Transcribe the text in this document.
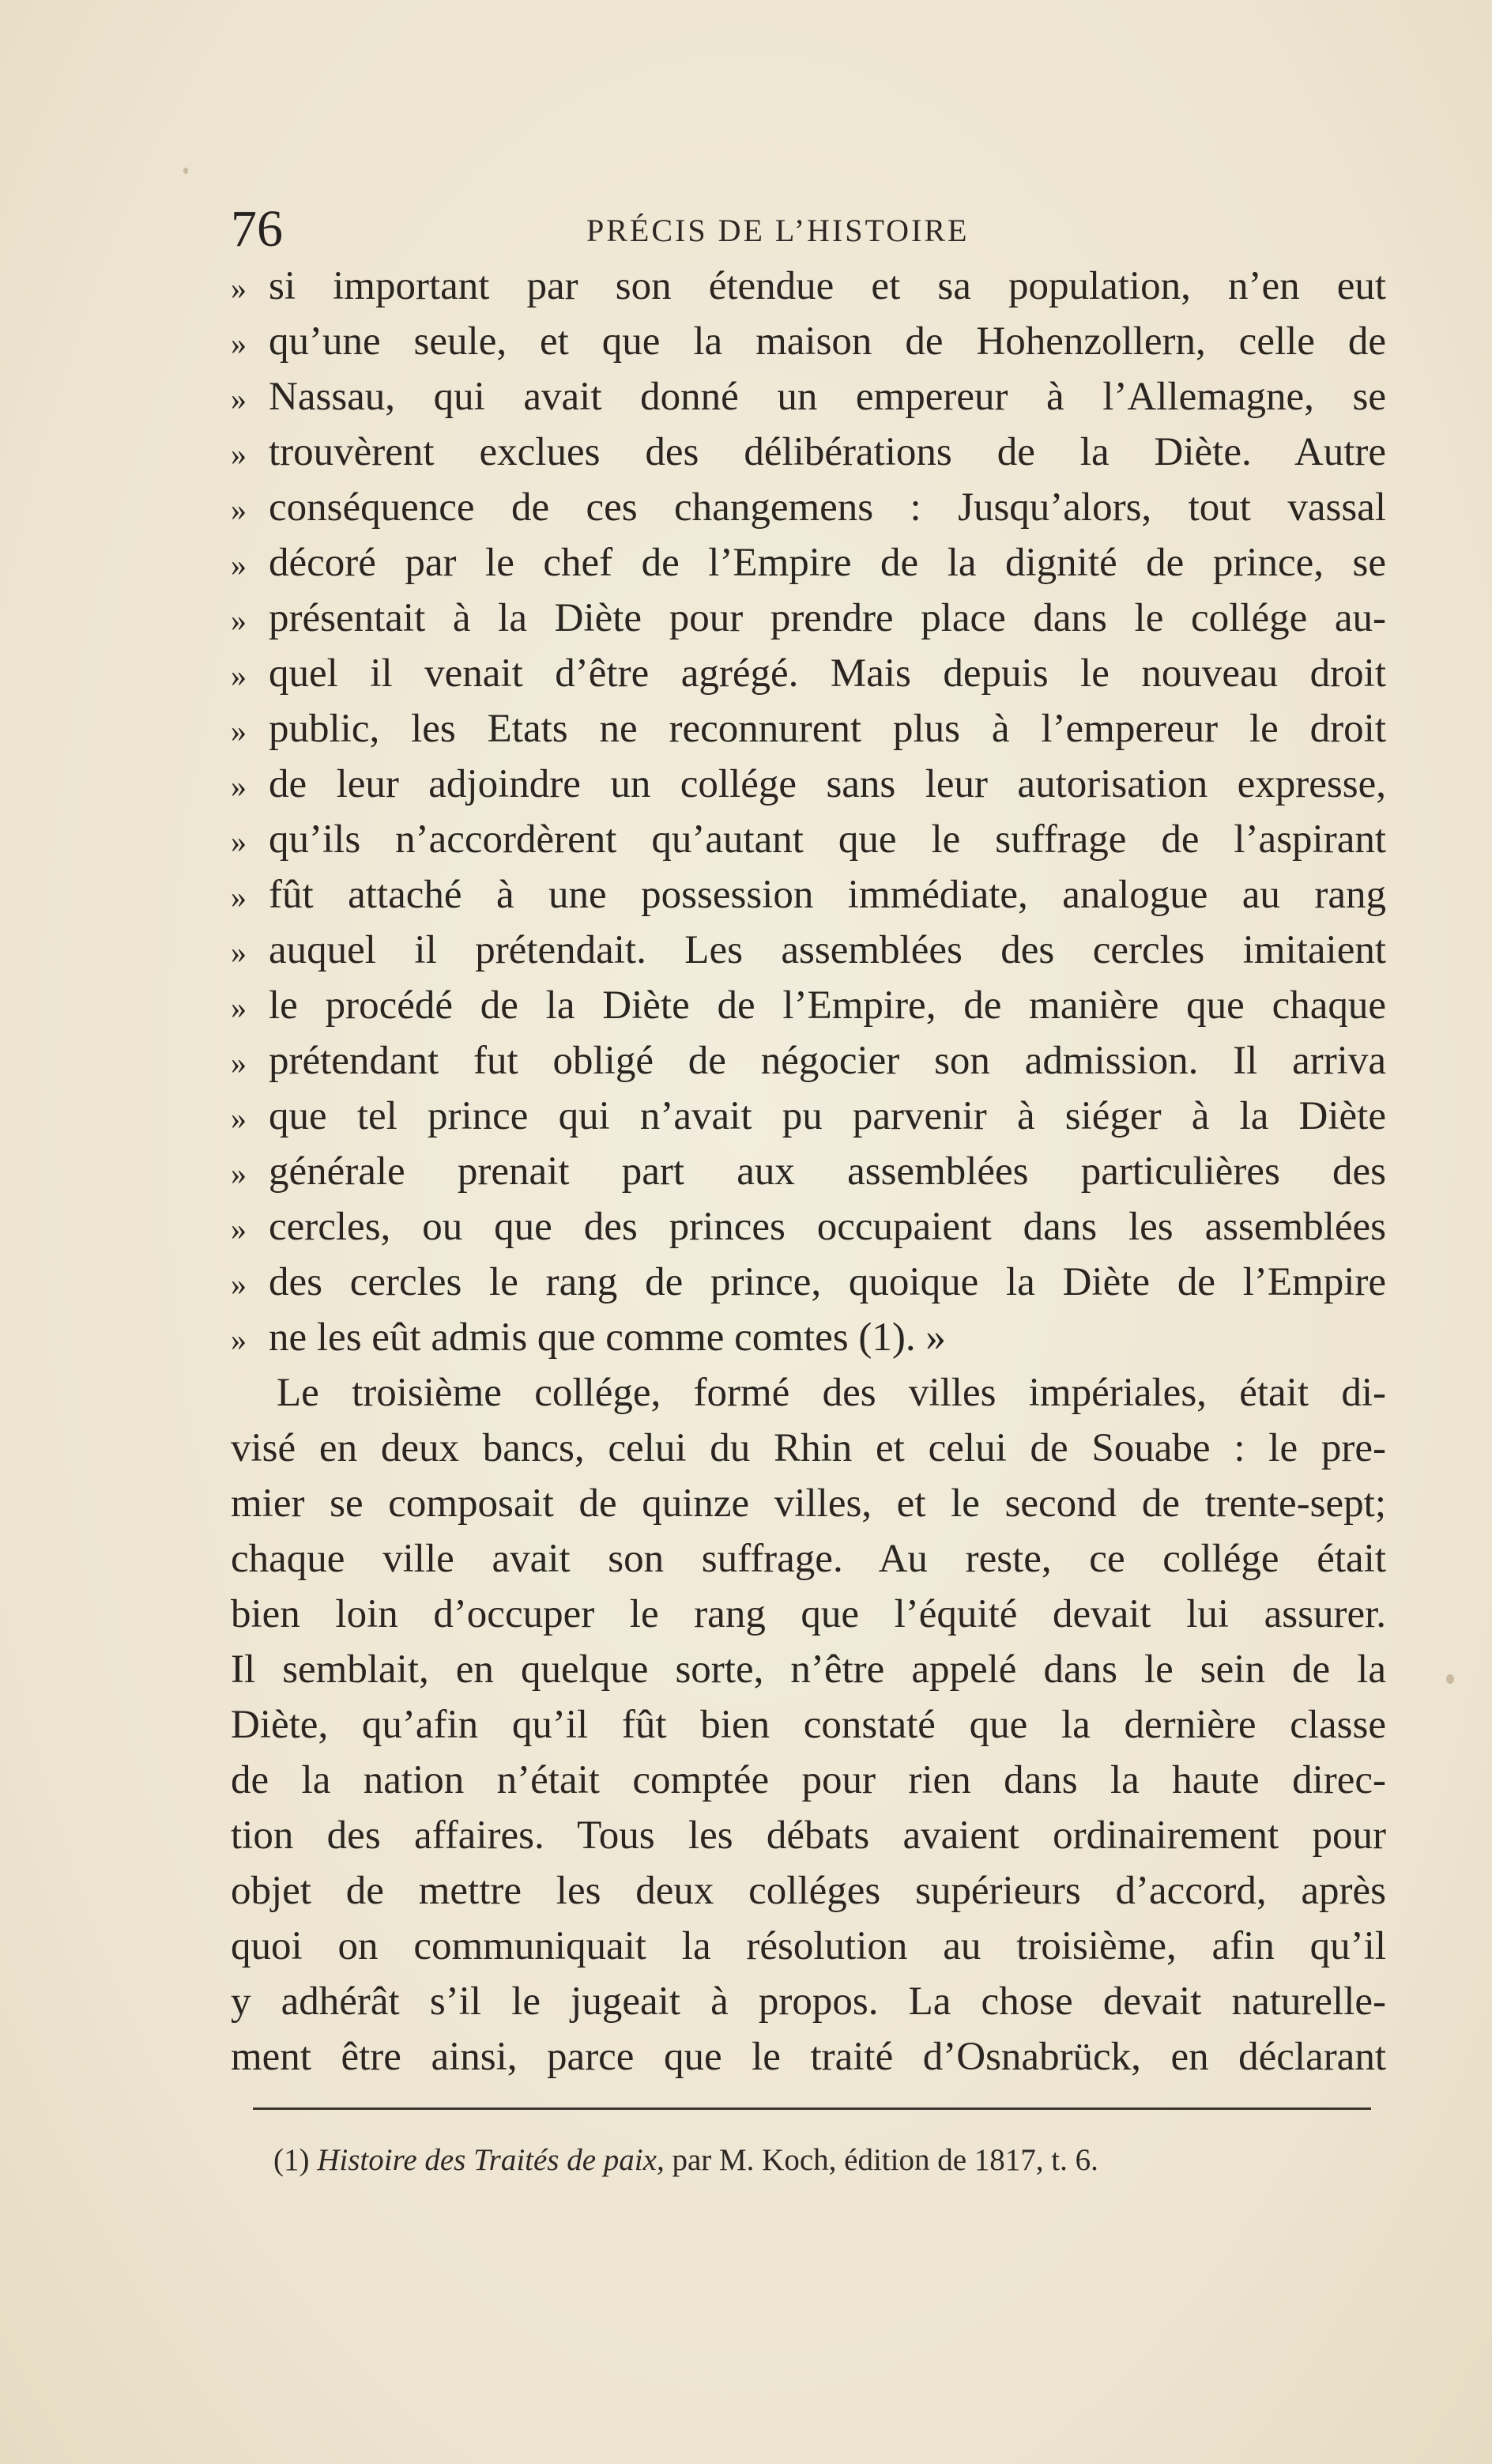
76	PRÉCIS DE L’HISTOIRE
» si important par son étendue et sa population, n’en eut
» qu’une seule, et que la maison de Hohenzollern, celle de
» Nassau, qui avait donné un empereur à l’Allemagne, se
» trouvèrent exclues des délibérations de la Diète. Autre
» conséquence de ces changemens : Jusqu’alors, tout vassal
» décoré par le chef de l’Empire de la dignité de prince, se
» présentait à la Diète pour prendre place dans le collége au-
» quel il venait d’être agrégé. Mais depuis le nouveau droit
» public, les Etats ne reconnurent plus à l’empereur le droit
» de leur adjoindre un collége sans leur autorisation expresse,
» qu’ils n’accordèrent qu’autant que le suffrage de l’aspirant
» fût attaché à une possession immédiate, analogue au rang
» auquel il prétendait. Les assemblées des cercles imitaient
» le procédé de la Diète de l’Empire, de manière que chaque
» prétendant fut obligé de négocier son admission. Il arriva
» que tel prince qui n’avait pu parvenir à siéger à la Diète
» générale prenait part aux assemblées particulières des
» cercles, ou que des princes occupaient dans les assemblées
» des cercles le rang de prince, quoique la Diète de l’Empire
» ne les eût admis que comme comtes (1). »
Le troisième collége, formé des villes impériales, était di-
visé en deux bancs, celui du Rhin et celui de Souabe : le pre-
mier se composait de quinze villes, et le second de trente-sept;
chaque ville avait son suffrage. Au reste, ce collége était
bien loin d’occuper le rang que l’équité devait lui assurer.
Il semblait, en quelque sorte, n’être appelé dans le sein de la
Diète, qu’afin qu’il fût bien constaté que la dernière classe
de la nation n’était comptée pour rien dans la haute direc-
tion des affaires. Tous les débats avaient ordinairement pour
objet de mettre les deux colléges supérieurs d’accord, après
quoi on communiquait la résolution au troisième, afin qu’il
y adhérât s’il le jugeait à propos. La chose devait naturelle-
ment être ainsi, parce que le traité d’Osnabrück, en déclarant
(1) Histoire des Traités de paix, par M. Koch, édition de 1817, t. 6.
